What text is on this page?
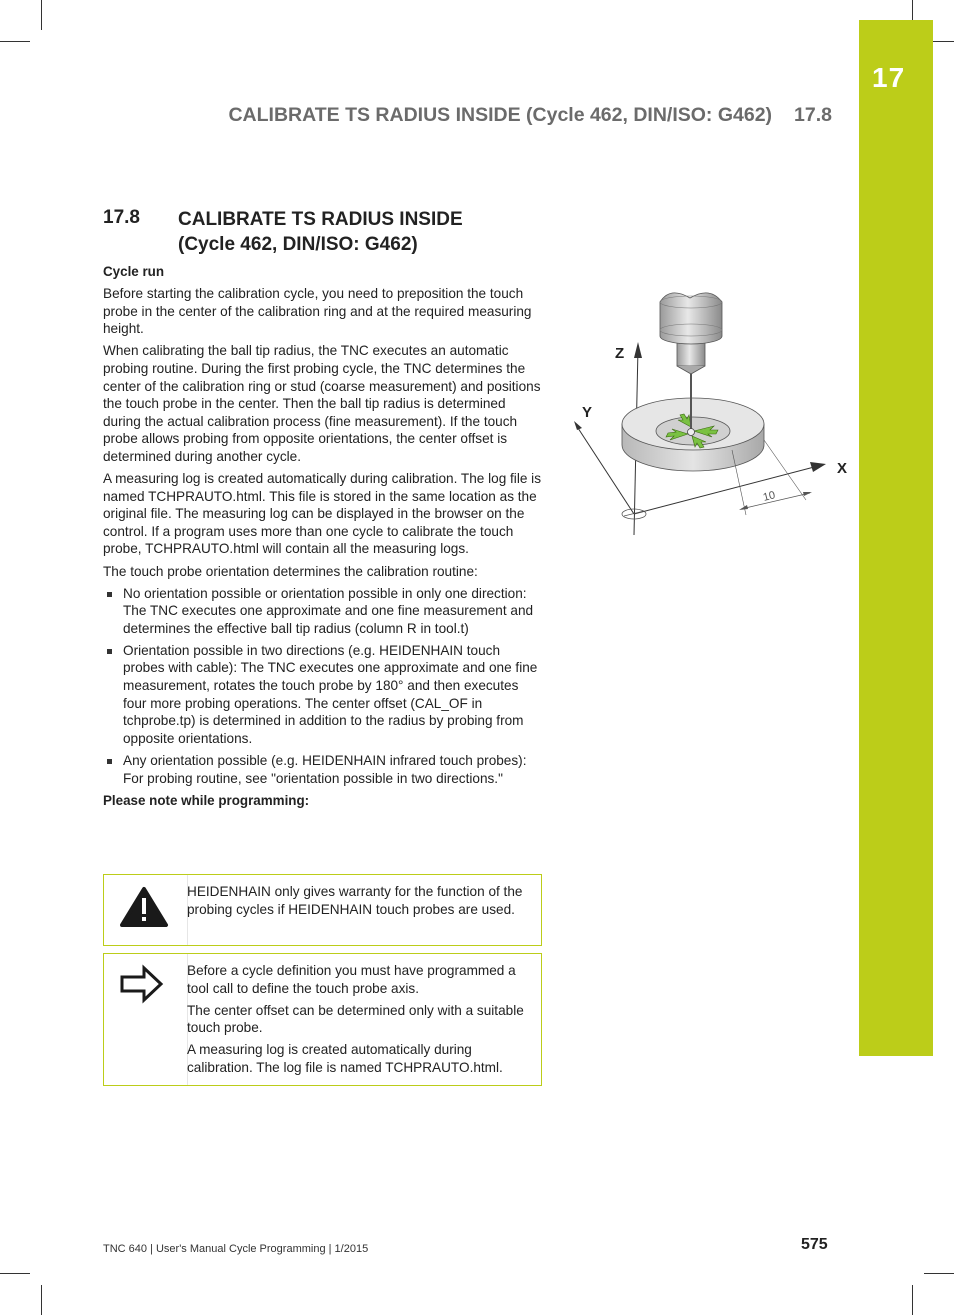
17
CALIBRATE TS RADIUS INSIDE (Cycle 462, DIN/ISO: G462) 17.8
17.8 CALIBRATE TS RADIUS INSIDE
(Cycle 462, DIN/ISO: G462)
Cycle run

Before starting the calibration cycle, you need to preposition the touch probe in the center of the calibration ring and at the required measuring height.

When calibrating the ball tip radius, the TNC executes an automatic probing routine. During the first probing cycle, the TNC determines the center of the calibration ring or stud (coarse measurement) and positions the touch probe in the center. Then the ball tip radius is determined during the actual calibration process (fine measurement). If the touch probe allows probing from opposite orientations, the center offset is determined during another cycle.

A measuring log is created automatically during calibration. The log file is named TCHPRAUTO.html. This file is stored in the same location as the original file. The measuring log can be displayed in the browser on the control. If a program uses more than one cycle to calibrate the touch probe, TCHPRAUTO.html will contain all the measuring logs.

The touch probe orientation determines the calibration routine:

No orientation possible or orientation possible in only one direction: The TNC executes one approximate and one fine measurement and determines the effective ball tip radius (column R in tool.t)
Orientation possible in two directions (e.g. HEIDENHAIN touch probes with cable): The TNC executes one approximate and one fine measurement, rotates the touch probe by 180° and then executes four more probing operations. The center offset (CAL_OF in tchprobe.tp) is determined in addition to the radius by probing from opposite orientations.
Any orientation possible (e.g. HEIDENHAIN infrared touch probes): For probing routine, see "orientation possible in two directions."
Please note while programming:

HEIDENHAIN only gives warranty for the function of the probing cycles if HEIDENHAIN touch probes are used.

Before a cycle definition you must have programmed a tool call to define the touch probe axis.

The center offset can be determined only with a suitable touch probe.

A measuring log is created automatically during calibration. The log file is named TCHPRAUTO.html.

10
Z
Y
X
TNC 640 | User's Manual Cycle Programming | 1/2015	575
